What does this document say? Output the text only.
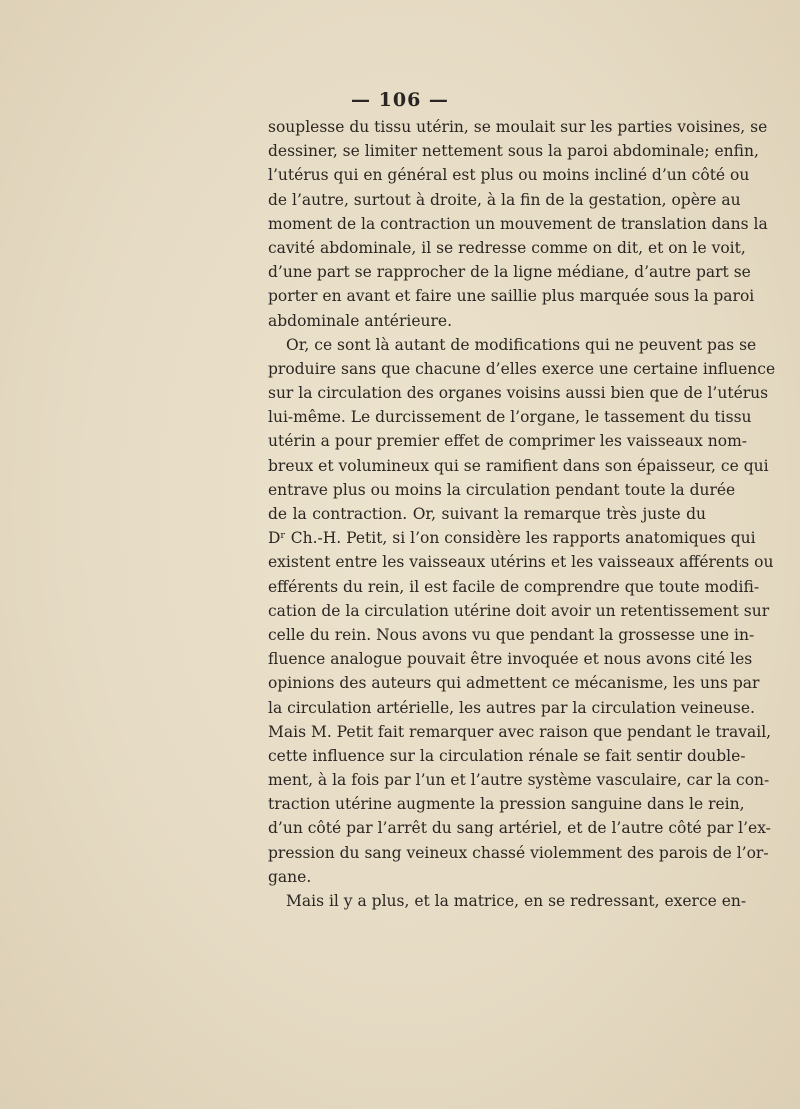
— 106 —
souplesse du tissu utérin, se moulait sur les parties voisines, se
dessiner, se limiter nettement sous la paroi abdominale; enfin,
l’utérus qui en général est plus ou moins incliné d’un côté ou
de l’autre, surtout à droite, à la fin de la gestation, opère au
moment de la contraction un mouvement de translation dans la
cavité abdominale, il se redresse comme on dit, et on le voit,
d’une part se rapprocher de la ligne médiane, d’autre part se
porter en avant et faire une saillie plus marquée sous la paroi
abdominale antérieure.
Or, ce sont là autant de modifications qui ne peuvent pas se
produire sans que chacune d’elles exerce une certaine influence
sur la circulation des organes voisins aussi bien que de l’utérus
lui-même. Le durcissement de l’organe, le tassement du tissu
utérin a pour premier effet de comprimer les vaisseaux nom-
breux et volumineux qui se ramifient dans son épaisseur, ce qui
entrave plus ou moins la circulation pendant toute la durée
de la contraction. Or, suivant la remarque très juste du
Dʳ Ch.-H. Petit, si l’on considère les rapports anatomiques qui
existent entre les vaisseaux utérins et les vaisseaux afférents ou
efférents du rein, il est facile de comprendre que toute modifi-
cation de la circulation utérine doit avoir un retentissement sur
celle du rein. Nous avons vu que pendant la grossesse une in-
fluence analogue pouvait être invoquée et nous avons cité les
opinions des auteurs qui admettent ce mécanisme, les uns par
la circulation artérielle, les autres par la circulation veineuse.
Mais M. Petit fait remarquer avec raison que pendant le travail,
cette influence sur la circulation rénale se fait sentir double-
ment, à la fois par l’un et l’autre système vasculaire, car la con-
traction utérine augmente la pression sanguine dans le rein,
d’un côté par l’arrêt du sang artériel, et de l’autre côté par l’ex-
pression du sang veineux chassé violemment des parois de l’or-
gane.
Mais il y a plus, et la matrice, en se redressant, exerce en-
